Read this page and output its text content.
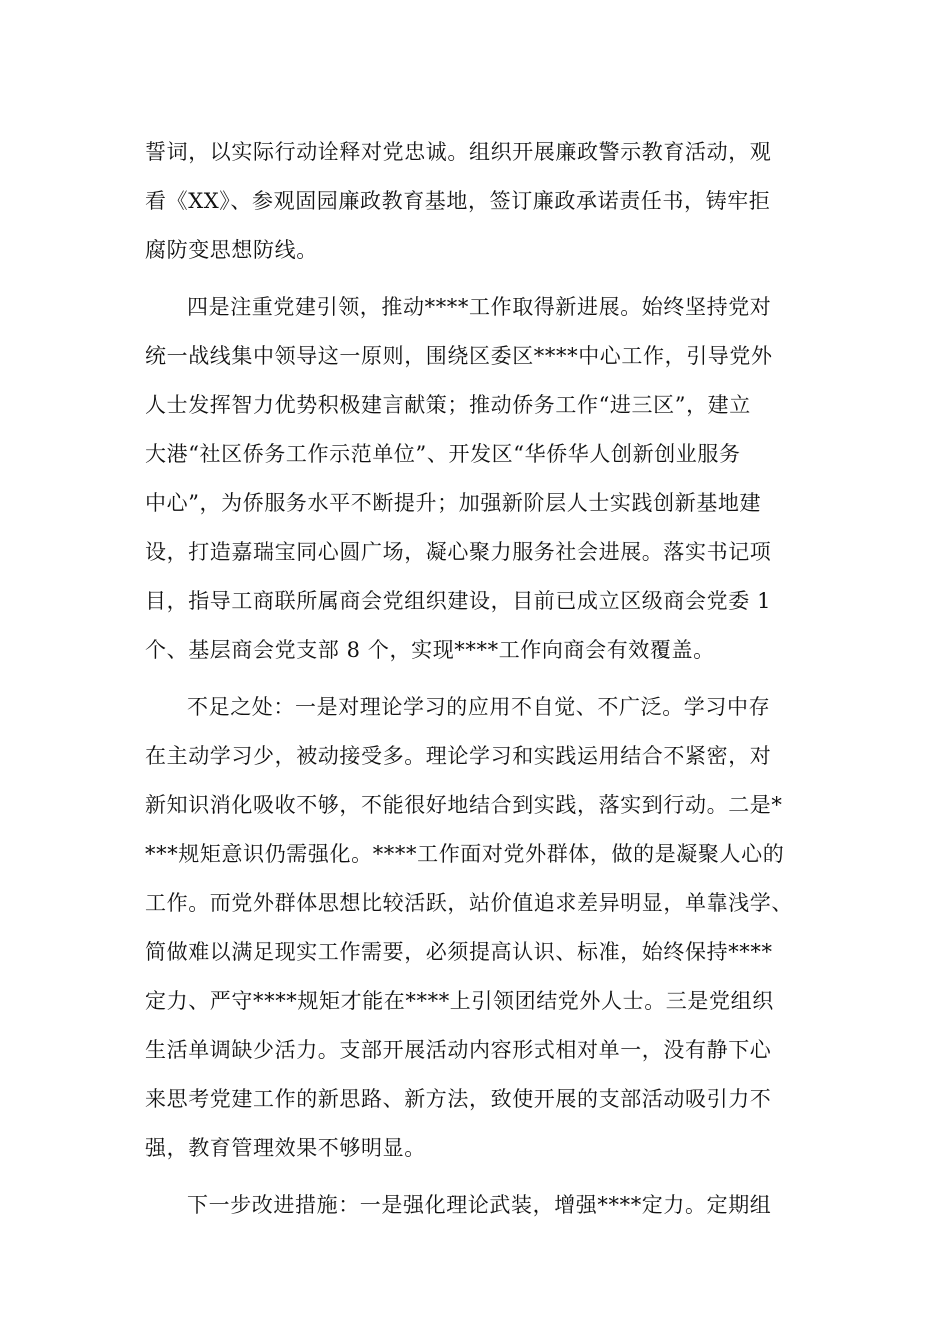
誓词，以实际行动诠释对党忠诚。组织开展廉政警示教育活动，观
看《XX》、参观固园廉政教育基地，签订廉政承诺责任书，铸牢拒
腐防变思想防线。
四是注重党建引领，推动****工作取得新进展。始终坚持党对
统一战线集中领导这一原则，围绕区委区****中心工作，引导党外
人士发挥智力优势积极建言献策；推动侨务工作“进三区”，建立
大港“社区侨务工作示范单位”、开发区“华侨华人创新创业服务
中心”，为侨服务水平不断提升；加强新阶层人士实践创新基地建
设，打造嘉瑞宝同心圆广场，凝心聚力服务社会进展。落实书记项
目，指导工商联所属商会党组织建设，目前已成立区级商会党委 1
个、基层商会党支部 8 个，实现****工作向商会有效覆盖。
不足之处：一是对理论学习的应用不自觉、不广泛。学习中存
在主动学习少，被动接受多。理论学习和实践运用结合不紧密，对
新知识消化吸收不够，不能很好地结合到实践，落实到行动。二是*
***规矩意识仍需强化。****工作面对党外群体，做的是凝聚人心的
工作。而党外群体思想比较活跃，站价值追求差异明显，单靠浅学、
简做难以满足现实工作需要，必须提高认识、标准，始终保持****
定力、严守****规矩才能在****上引领团结党外人士。三是党组织
生活单调缺少活力。支部开展活动内容形式相对单一，没有静下心
来思考党建工作的新思路、新方法，致使开展的支部活动吸引力不
强，教育管理效果不够明显。
下一步改进措施：一是强化理论武装，增强****定力。定期组
